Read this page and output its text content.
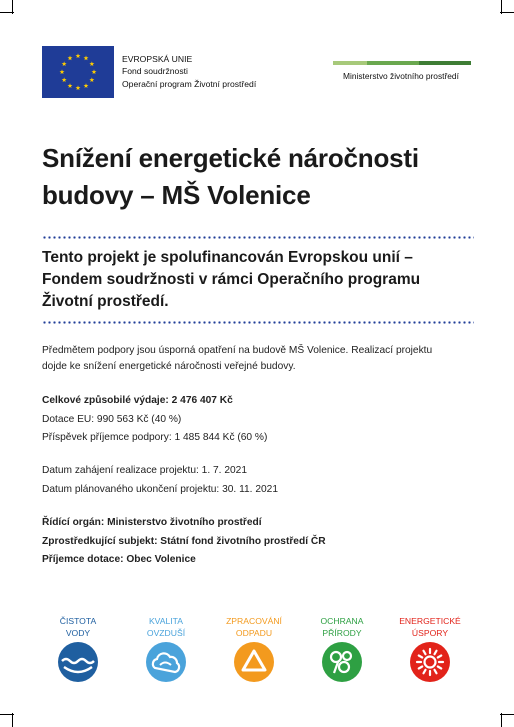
EVROPSKÁ UNIE
Fond soudržnosti
Operační program Životní prostředí
Ministerstvo životního prostředí
Snížení energetické náročnosti
budovy – MŠ Volenice
Tento projekt je spolufinancován Evropskou unií –
Fondem soudržnosti v rámci Operačního programu
Životní prostředí.

Předmětem podpory jsou úsporná opatření na budově MŠ Volenice. Realizací projektu

dojde ke snížení energetické náročnosti veřejné budovy.

Celkové způsobilé výdaje: 2 476 407 Kč

Dotace EU: 990 563 Kč (40 %)

Příspěvek příjemce podpory: 1 485 844 Kč (60 %)

Datum zahájení realizace projektu: 1. 7. 2021

Datum plánovaného ukončení projektu: 30. 11. 2021

Řídící orgán: Ministerstvo životního prostředí

Zprostředkující subjekt: Státní fond životního prostředí ČR

Příjemce dotace: Obec Volenice

ČISTOTA
VODY
KVALITA
OVZDUŠÍ
ZPRACOVÁNÍ
ODPADU
OCHRANA
PŘÍRODY
ENERGETICKÉ
ÚSPORY
